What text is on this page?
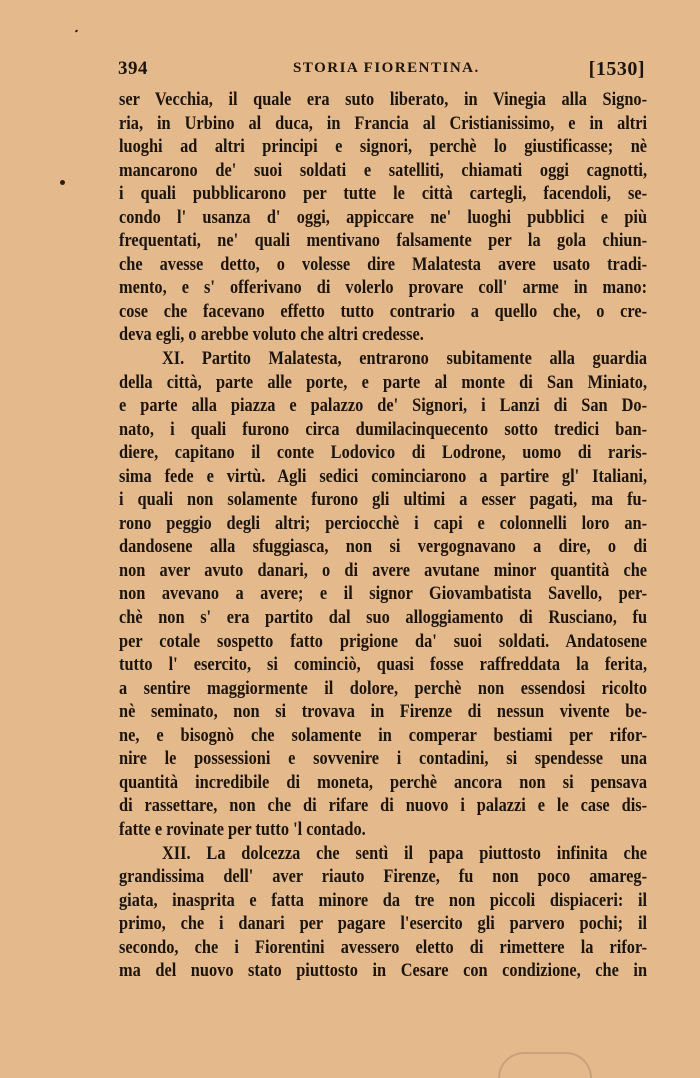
394	STORIA FIORENTINA.	[1530]
ser Vecchia, il quale era suto liberato, in Vinegia alla Signo-
ria, in Urbino al duca, in Francia al Cristianissimo, e in altri
luoghi ad altri principi e signori, perchè lo giustificasse; nè
mancarono de' suoi soldati e satelliti, chiamati oggi cagnotti,
i quali pubblicarono per tutte le città cartegli, facendoli, se-
condo l' usanza d' oggi, appiccare ne' luoghi pubblici e più
frequentati, ne' quali mentivano falsamente per la gola chiun-
che avesse detto, o volesse dire Malatesta avere usato tradi-
mento, e s' offerivano di volerlo provare coll' arme in mano:
cose che facevano effetto tutto contrario a quello che, o cre-
deva egli, o arebbe voluto che altri credesse.
XI. Partito Malatesta, entrarono subitamente alla guardia
della città, parte alle porte, e parte al monte di San Miniato,
e parte alla piazza e palazzo de' Signori, i Lanzi di San Do-
nato, i quali furono circa dumilacinquecento sotto tredici ban-
diere, capitano il conte Lodovico di Lodrone, uomo di raris-
sima fede e virtù. Agli sedici cominciarono a partire gl' Italiani,
i quali non solamente furono gli ultimi a esser pagati, ma fu-
rono peggio degli altri; perciocchè i capi e colonnelli loro an-
dandosene alla sfuggiasca, non si vergognavano a dire, o di
non aver avuto danari, o di avere avutane minor quantità che
non avevano a avere; e il signor Giovambatista Savello, per-
chè non s' era partito dal suo alloggiamento di Rusciano, fu
per cotale sospetto fatto prigione da' suoi soldati. Andatosene
tutto l' esercito, si cominciò, quasi fosse raffreddata la ferita,
a sentire maggiormente il dolore, perchè non essendosi ricolto
nè seminato, non si trovava in Firenze di nessun vivente be-
ne, e bisognò che solamente in comperar bestiami per rifor-
nire le possessioni e sovvenire i contadini, si spendesse una
quantità incredibile di moneta, perchè ancora non si pensava
di rassettare, non che di rifare di nuovo i palazzi e le case dis-
fatte e rovinate per tutto 'l contado.
XII. La dolcezza che sentì il papa piuttosto infinita che
grandissima dell' aver riauto Firenze, fu non poco amareg-
giata, inasprita e fatta minore da tre non piccoli dispiaceri: il
primo, che i danari per pagare l'esercito gli parvero pochi; il
secondo, che i Fiorentini avessero eletto di rimettere la rifor-
ma del nuovo stato piuttosto in Cesare con condizione, che in
